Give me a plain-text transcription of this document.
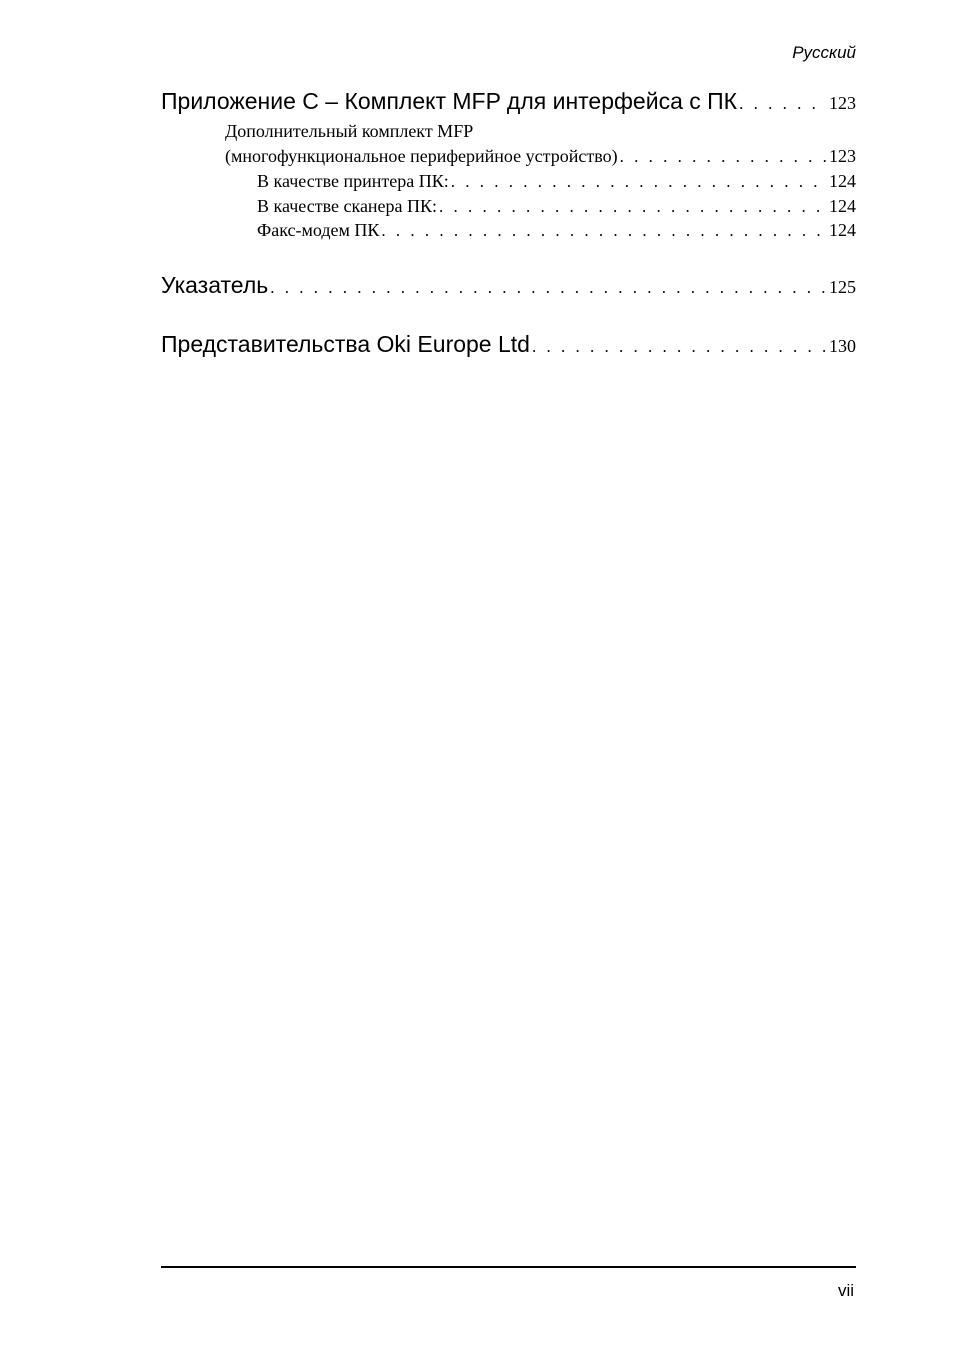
Русский
Приложение C – Комплект MFP для интерфейса с ПК . . .	123
Дополнительный комплект MFP
(многофункциональное периферийное устройство) . . .	123
В качестве принтера ПК: . . .	124
В качестве сканера ПК: . . .	124
Факс-модем ПК . . .	124
Указатель . . .	125
Представительства Oki Europe Ltd . . .	130
vii
